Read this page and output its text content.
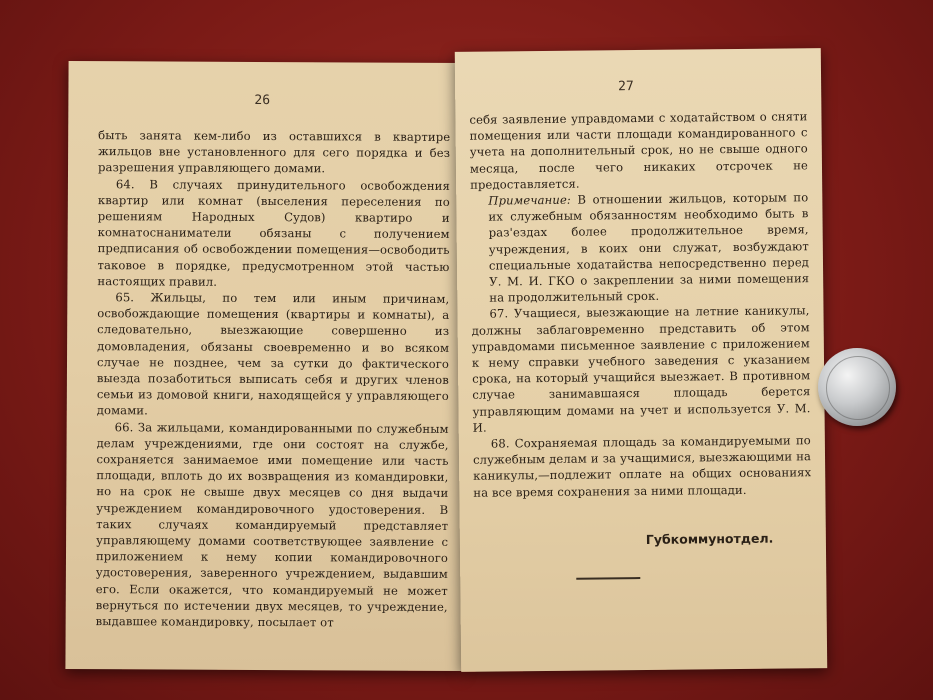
26

быть занята кем-либо из оставшихся в квартире жильцов вне установленного для сего порядка и без разрешения управляющего домами.

64. В случаях принудительного освобождения квартир или комнат (выселения переселения по решениям Народных Судов) квартиро и комнатоснаниматели обязаны с получением предписания об освобождении помещения—освободить таковое в порядке, предусмотренном этой частью настоящих правил.

65. Жильцы, по тем или иным причинам, освобождающие помещения (квартиры и комнаты), а следовательно, выезжающие совершенно из домовладения, обязаны своевременно и во всяком случае не позднее, чем за сутки до фактического выезда позаботиться выписать себя и других членов семьи из домовой книги, находящейся у управляющего домами.

66. За жильцами, командированными по служебным делам учреждениями, где они состоят на службе, сохраняется занимаемое ими помещение или часть площади, вплоть до их возвращения из командировки, но на срок не свыше двух месяцев со дня выдачи учреждением командировочного удостоверения. В таких случаях командируемый представляет управляющему домами соответствующее заявление с приложением к нему копии командировочного удостоверения, заверенного учреждением, выдавшим его. Если окажется, что командируемый не может вернуться по истечении двух месяцев, то учреждение, выдавшее командировку, посылает от

27

себя заявление управдомами с ходатайством о сняти помещения или части площади командированного с учета на дополнительный срок, но не свыше одного месяца, после чего никаких отсрочек не предоставляется.

Примечание: В отношении жильцов, которым по их служебным обязанностям необходимо быть в раз'ездах более продолжительное время, учреждения, в коих они служат, возбуждают специальные ходатайства непосредственно перед У. М. И. ГКО о закреплении за ними помещения на продолжительный срок.

67. Учащиеся, выезжающие на летние каникулы, должны заблаговременно представить об этом управдомами письменное заявление с приложением к нему справки учебного заведения с указанием срока, на который учащийся выезжает. В противном случае занимавшаяся площадь берется управляющим домами на учет и используется У. М. И.

68. Сохраняемая площадь за командируемыми по служебным делам и за учащимися, выезжающими на каникулы,—подлежит оплате на общих основаниях на все время сохранения за ними площади.

Губкоммунотдел.
